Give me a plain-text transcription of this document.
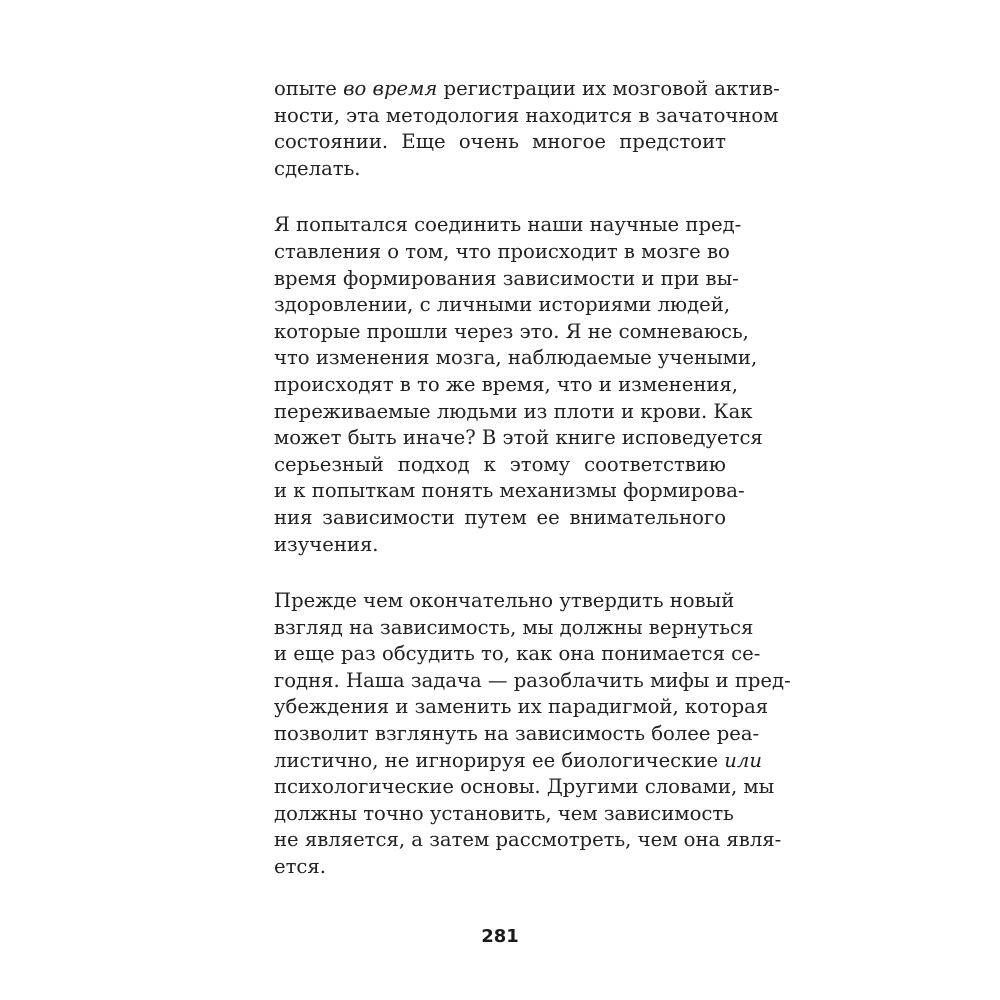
опыте во время регистрации их мозговой актив-
ности, эта методология находится в зачаточном
состоянии. Еще очень многое предстоит
сделать.
Я попытался соединить наши научные пред-
ставления о том, что происходит в мозге во
время формирования зависимости и при вы-
здоровлении, с личными историями людей,
которые прошли через это. Я не сомневаюсь,
что изменения мозга, наблюдаемые учеными,
происходят в то же время, что и изменения,
переживаемые людьми из плоти и крови. Как
может быть иначе? В этой книге исповедуется
серьезный подход к этому соответствию
и к попыткам понять механизмы формирова-
ния зависимости путем ее внимательного
изучения.
Прежде чем окончательно утвердить новый
взгляд на зависимость, мы должны вернуться
и еще раз обсудить то, как она понимается се-
годня. Наша задача — разоблачить мифы и пред-
убеждения и заменить их парадигмой, которая
позволит взглянуть на зависимость более реа-
листично, не игнорируя ее биологические или
психологические основы. Другими словами, мы
должны точно установить, чем зависимость
не является, а затем рассмотреть, чем она явля-
ется.
281
